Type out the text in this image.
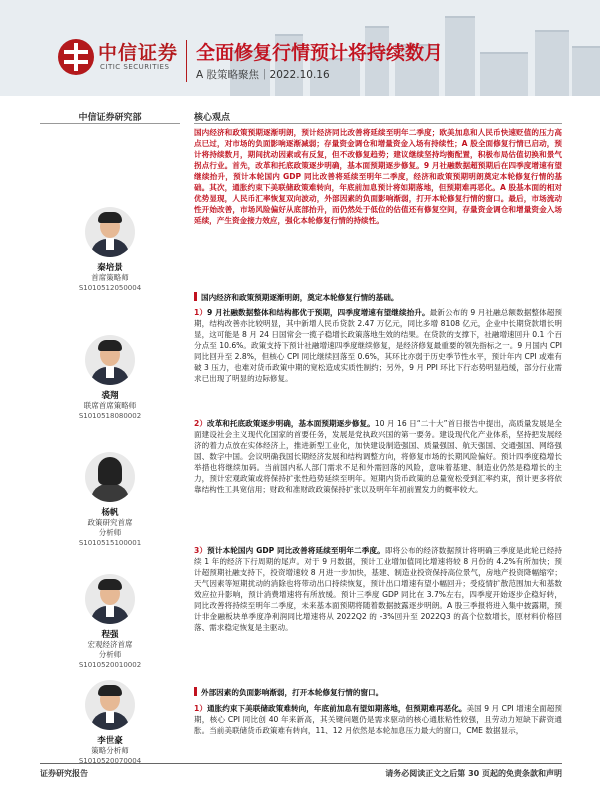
中信证券
CITIC SECURITIES
全面修复行情预计将持续数月
A 股策略聚焦｜2022.10.16
中信证券研究部
秦培景
首席策略师
S1010512050004
裘翔
联席首席策略师
S1010518080002
杨帆
政策研究首席
分析师
S1010515100001
程强
宏观经济首席
分析师
S1010520010002
李世豪
策略分析师
S1010520070004
核心观点
国内经济和政策预期逐渐明朗，预计经济同比改善将延续至明年二季度；欧美加息和人民币快速贬值的压力高点已过，对市场的负面影响逐渐减弱；存量资金调仓和增量资金入场有持续性；A 股全面修复行情已启动，预计将持续数月，期间扰动因素或有反复，但不改修复趋势；建议继续坚持均衡配置，积极布局估值切换和景气拐点行业。首先，改革和托底政策逐步明确，基本面预期逐步修复。9 月社融数据超预期后在四季度增速有望继续抬升，预计本轮国内 GDP 同比改善将延续至明年二季度，经济和政策预期明朗奠定本轮修复行情的基础。其次，通胀约束下美联储政策难转向，年底前加息预计将如期落地，但预期难再恶化。A 股基本面的相对优势显现，人民币汇率恢复双向波动，外部因素的负面影响渐弱，打开本轮修复行情的窗口。最后，市场流动性开始改善，市场风险偏好从底部抬升，而仍然处于低位的估值还有修复空间，存量资金调仓和增量资金入场延续，产生资金接力效应，强化本轮修复行情的持续性。
国内经济和政策预期逐渐明朗，奠定本轮修复行情的基础。
1）9 月社融数据整体和结构都优于预期，四季度增速有望继续抬升。最新公布的 9 月社融总额数据整体超预期，结构改善亦比较明显，其中新增人民币贷款 2.47 万亿元，同比多增 8108 亿元，企业中长期贷款增长明显，这可能是 8 月 24 日国常会一揽子稳增长政策落地生效的结果。在贷款的支撑下，社融增速回升 0.1 个百分点至 10.6%。政策支持下预计社融增速四季度继续修复，是经济修复最重要的领先指标之一。9 月国内 CPI 同比回升至 2.8%，但核心 CPI 同比继续回落至 0.6%，其环比亦弱于历史季节性水平，预计年内 CPI 或难有破 3 压力，也难对货币政策中期的宽松造成实质性制约；另外，9 月 PPI 环比下行态势明显趋缓，部分行业需求已出现了明显的边际修复。
2）改革和托底政策逐步明确，基本面预期逐步修复。10 月 16 日“二十大”首日报告中提出，高质量发展是全面建设社会主义现代化国家的首要任务，发展是党执政兴国的第一要务。建设现代化产业体系，坚持把发展经济的着力点放在实体经济上，推进新型工业化，加快建设制造强国、质量强国、航天强国、交通强国、网络强国、数字中国。会议明确我国长期经济发展和结构调整方向，将修复市场的长期风险偏好。预计四季度稳增长举措也将继续加码。当前国内私人部门需求不足和外需回落的风险，意味着基建、制造业仍然是稳增长的主力，预计宏观政策或将保持扩张性趋势延续至明年。短期内货币政策的总量宽松受到汇率约束，预计更多将依靠结构性工具宽信用；财政和准财政政策保持扩张以及明年年初前置发力的概率较大。
3）预计本轮国内 GDP 同比改善将延续至明年二季度。即将公布的经济数据预计将明确三季度是此轮已经持续 1 年的经济下行周期的尾声。对于 9 月数据，预计工业增加值同比增速将较 8 月份的 4.2%有所加快；预计超预期社融支持下，投资增速较 8 月进一步加快，基建、制造业投资保持高位景气，房地产投资降幅缩窄；天气因素等短期扰动的消除也将带动出口持续恢复，预计出口增速有望小幅回升；受疫情扩散范围加大和基数效应拉升影响，预计消费增速将有所放缓。预计三季度 GDP 同比在 3.7%左右，四季度开始逐步企稳好转，同比改善将持续至明年二季度，未来基本面预期将随着数据披露逐步明朗。A 股三季报将进入集中披露期，预计非金融板块单季度净利润同比增速将从 2022Q2 的 -3%回升至 2022Q3 的高个位数增长，原材料价格回落、需求稳定恢复是主驱动。
外部因素的负面影响渐弱，打开本轮修复行情的窗口。
1）通胀约束下美联储政策难转向，年底前加息有望如期落地，但预期难再恶化。美国 9 月 CPI 增速全面超预期，核心 CPI 同比创 40 年来新高，其关键问题仍是需求驱动的核心通胀粘性较强，且劳动力短缺下薪资通胀。当前美联储货币政策难有转向，11、12 月依然是本轮加息压力最大的窗口，CME 数据显示，
证券研究报告	请务必阅读正文之后第 30 页起的免责条款和声明
